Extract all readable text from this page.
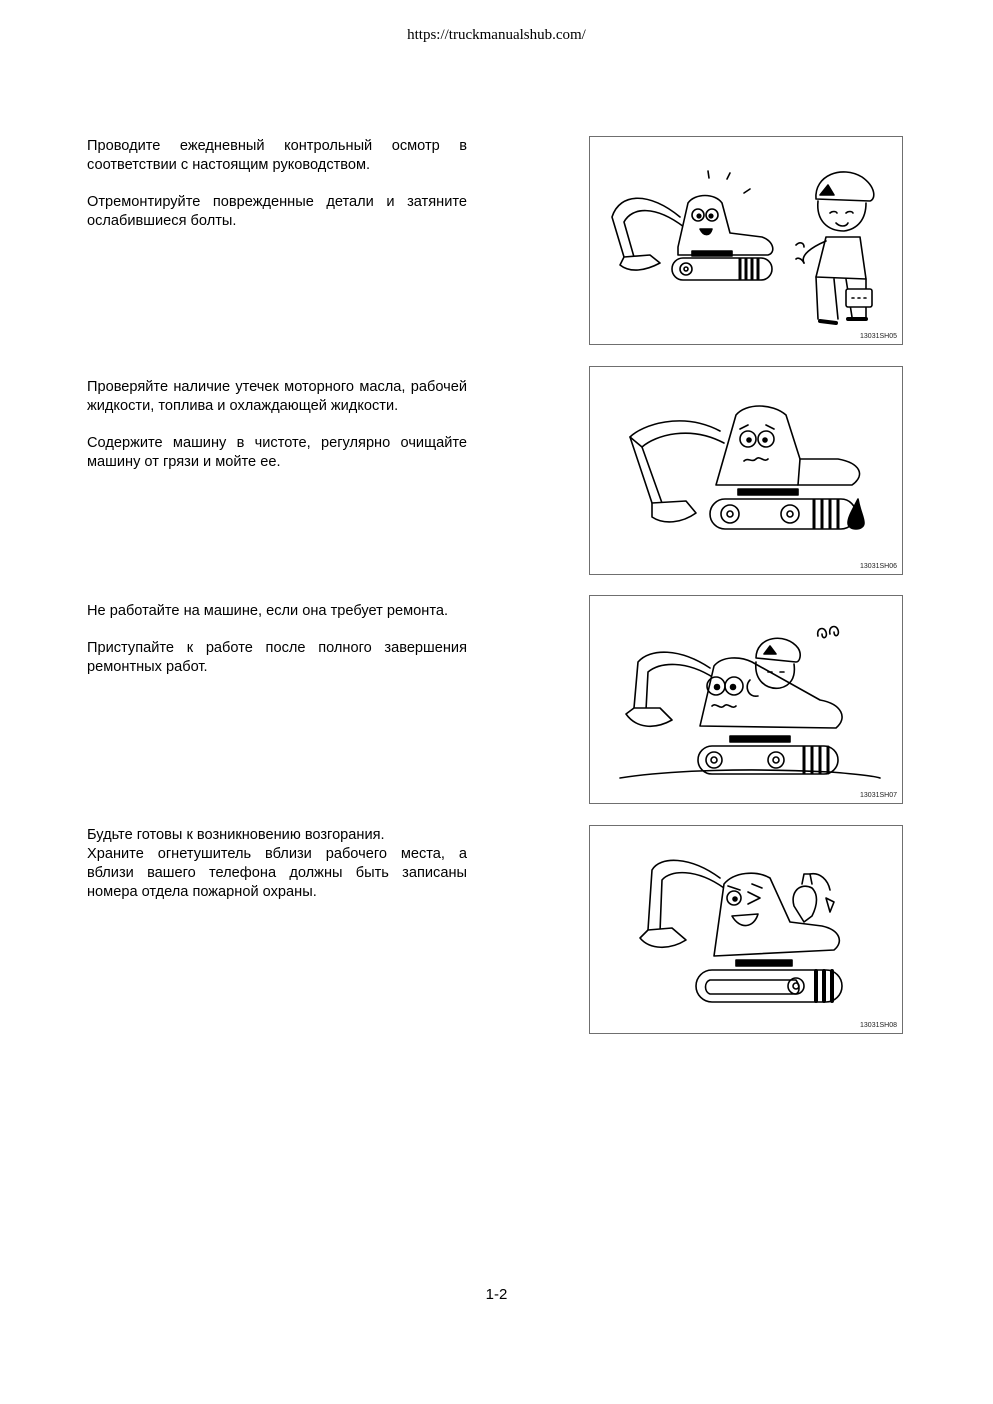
https://truckmanualshub.com/

Проводите ежедневный контрольный осмотр в соответствии с настоящим руководством.

Отремонтируйте поврежденные детали и затяните ослабившиеся болты.

13031SH05

Проверяйте наличие утечек моторного масла, рабочей жидкости, топлива и охлаждающей жидкости.

Содержите машину в чистоте, регулярно очищайте машину от грязи и мойте ее.

13031SH06

Не работайте на машине, если она требует ремонта.

Приступайте к работе после полного завершения ремонтных работ.

13031SH07

Будьте готовы к возникновению возгорания.

Храните огнетушитель вблизи рабочего места, а вблизи вашего телефона должны быть записаны номера отдела пожарной охраны.

13031SH08
1-2
